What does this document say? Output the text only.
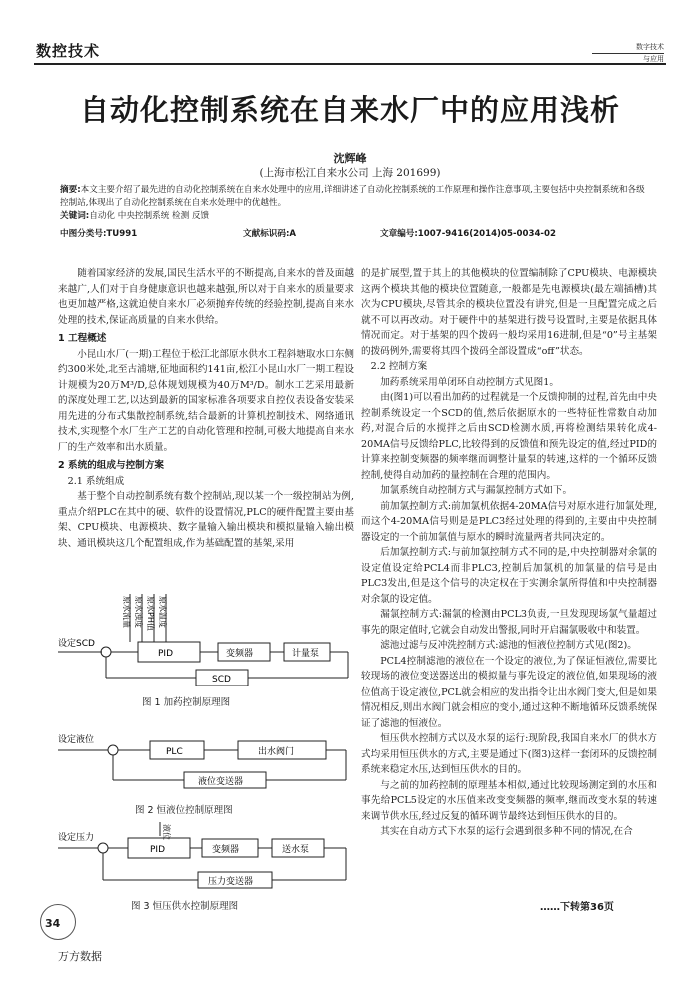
数控技术	数字技术
与应用
自动化控制系统在自来水厂中的应用浅析
沈辉峰
(上海市松江自来水公司 上海 201699)
摘要:本文主要介绍了最先进的自动化控制系统在自来水处理中的应用,详细讲述了自动化控制系统的工作原理和操作注意事项,主要包括中央控制系统和各级控制站,体现出了自动化控制系统在自来水处理中的优越性。
关键词:自动化 中央控制系统 检测 反馈
中图分类号:TU991	文献标识码:A	文章编号:1007-9416(2014)05-0034-02

随着国家经济的发展,国民生活水平的不断提高,自来水的普及面越来越广,人们对于自身健康意识也越来越强,所以对于自来水的质量要求也更加越严格,这就迫使自来水厂必须抛弃传统的经验控制,提高自来水处理的技术,保证高质量的自来水供给。

1 工程概述

小昆山水厂(一期)工程位于松江北部原水供水工程斜塘取水口东侧约300米处,北至古浦塘,征地面积约141亩,松江小昆山水厂一期工程设计规模为20万M³/D,总体规划规模为40万M³/D。制水工艺采用最新的深度处理工艺,以达到最新的国家标准各项要求自控仪表设备安装采用先进的分布式集散控制系统,结合最新的计算机控制技术、网络通讯技术,实现整个水厂生产工艺的自动化管理和控制,可极大地提高自来水厂的生产效率和出水质量。

2 系统的组成与控制方案

2.1 系统组成

基于整个自动控制系统有数个控制站,现以某一个一级控制站为例,重点介绍PLC在其中的硬、软件的设置情况,PLC的硬件配置主要由基架、CPU模块、电源模块、数字量输入输出模块和模拟量输入输出模块、通讯模块这几个配置组成,作为基础配置的基架,采用

原水流量 原水浊度 原水PH值 原水温度
设定SCD
PID	变频器	计量泵
SCD
图 1 加药控制原理图
设定液位
PLC	出水阀门
液位变送器
图 2 恒液位控制原理图
液位
设定压力
PID	变频器	送水泵
压力变送器
图 3 恒压供水控制原理图

的是扩展型,置于其上的其他模块的位置编制除了CPU模块、电源模块这两个模块其他的模块位置随意,一般都是先电源模块(最左端插槽)其次为CPU模块,尽管其余的模块位置没有讲究,但是一旦配置完成之后就不可以再改动。对于硬件中的基架进行拨号设置时,主要是依据具体情况而定。对于基架的四个拨码一般均采用16进制,但是“0”号主基架的拨码例外,需要将其四个拨码全部设置成“off”状态。

2.2 控制方案

加药系统采用单闭环自动控制方式见图1。

由(图1)可以看出加药的过程就是一个反馈抑制的过程,首先由中央控制系统设定一个SCD的值,然后依据原水的一些特征性常数自动加药,对混合后的水搅拌之后由SCD检测水质,再将检测结果转化成4-20MA信号反馈给PLC,比较得到的反馈值和预先设定的值,经过PID的计算来控制变频器的频率继而调整计量泵的转速,这样的一个循环反馈控制,使得自动加药的量控制在合理的范围内。

加氯系统自动控制方式与漏氯控制方式如下。

前加氯控制方式:前加氯机依据4-20MA信号对原水进行加氯处理,而这个4-20MA信号则是是PLC3经过处理的得到的,主要由中央控制器设定的一个前加氯值与原水的瞬时流量两者共同决定的。

后加氯控制方式:与前加氯控制方式不同的是,中央控制器对余氯的设定值设定给PCL4而非PLC3,控制后加氯机的加氯量的信号是由PLC3发出,但是这个信号的决定权在于实测余氯所得值和中央控制器对余氯的设定值。

漏氯控制方式:漏氯的检测由PCL3负责,一旦发现现场氯气量超过事先的限定值时,它就会自动发出警报,同时开启漏氯吸收中和装置。

滤池过滤与反冲洗控制方式:滤池的恒液位控制方式见(图2)。

PCL4控制滤池的液位在一个设定的液位,为了保证恒液位,需要比较现场的液位变送器送出的模拟量与事先设定的液位值,如果现场的液位值高于设定液位,PCL就会相应的发出指令让出水阀门变大,但是如果情况相反,则出水阀门就会相应的变小,通过这种不断地循环反馈系统保证了滤池的恒液位。

恒压供水控制方式以及水泵的运行:现阶段,我国自来水厂的供水方式均采用恒压供水的方式,主要是通过下(图3)这样一套闭环的反馈控制系统来稳定水压,达到恒压供水的目的。

与之前的加药控制的原理基本相似,通过比较现场测定到的水压和事先给PCL5设定的水压值来改变变频器的频率,继而改变水泵的转速来调节供水压,经过反复的循环调节最终达到恒压供水的目的。

其实在自动方式下水泵的运行会遇到很多种不同的情况,在合

……下转第36页
34
万方数据
